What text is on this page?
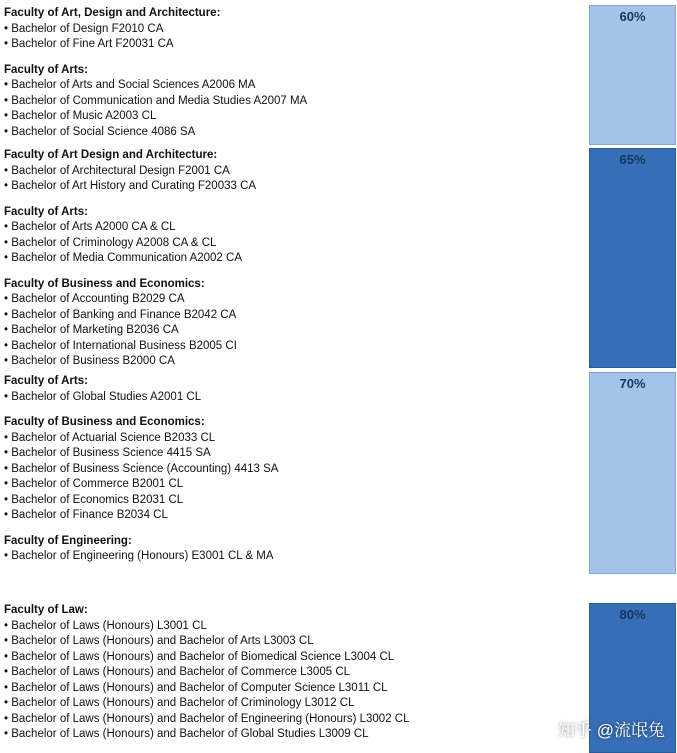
Faculty of Art, Design and Architecture:
• Bachelor of Design F2010 CA
• Bachelor of Fine Art F20031 CA
Faculty of Arts:
• Bachelor of Arts and Social Sciences A2006 MA
• Bachelor of Communication and Media Studies A2007 MA
• Bachelor of Music A2003 CL
• Bachelor of Social Science 4086 SA
60%
Faculty of Art Design and Architecture:
• Bachelor of Architectural Design F2001 CA
• Bachelor of Art History and Curating F20033 CA
Faculty of Arts:
• Bachelor of Arts A2000 CA & CL
• Bachelor of Criminology A2008 CA & CL
• Bachelor of Media Communication A2002 CA
Faculty of Business and Economics:
• Bachelor of Accounting B2029 CA
• Bachelor of Banking and Finance B2042 CA
• Bachelor of Marketing B2036 CA
• Bachelor of International Business B2005 CI
• Bachelor of Business B2000 CA
65%
Faculty of Arts:
• Bachelor of Global Studies A2001 CL
Faculty of Business and Economics:
• Bachelor of Actuarial Science B2033 CL
• Bachelor of Business Science 4415 SA
• Bachelor of Business Science (Accounting) 4413 SA
• Bachelor of Commerce B2001 CL
• Bachelor of Economics B2031 CL
• Bachelor of Finance B2034 CL
Faculty of Engineering:
• Bachelor of Engineering (Honours) E3001 CL & MA
70%
Faculty of Law:
• Bachelor of Laws (Honours) L3001 CL
• Bachelor of Laws (Honours) and Bachelor of Arts L3003 CL
• Bachelor of Laws (Honours) and Bachelor of Biomedical Science L3004 CL
• Bachelor of Laws (Honours) and Bachelor of Commerce L3005 CL
• Bachelor of Laws (Honours) and Bachelor of Computer Science L3011 CL
• Bachelor of Laws (Honours) and Bachelor of Criminology L3012 CL
• Bachelor of Laws (Honours) and Bachelor of Engineering (Honours) L3002 CL
• Bachelor of Laws (Honours) and Bachelor of Global Studies L3009 CL
80%
知乎 @流氓兔
